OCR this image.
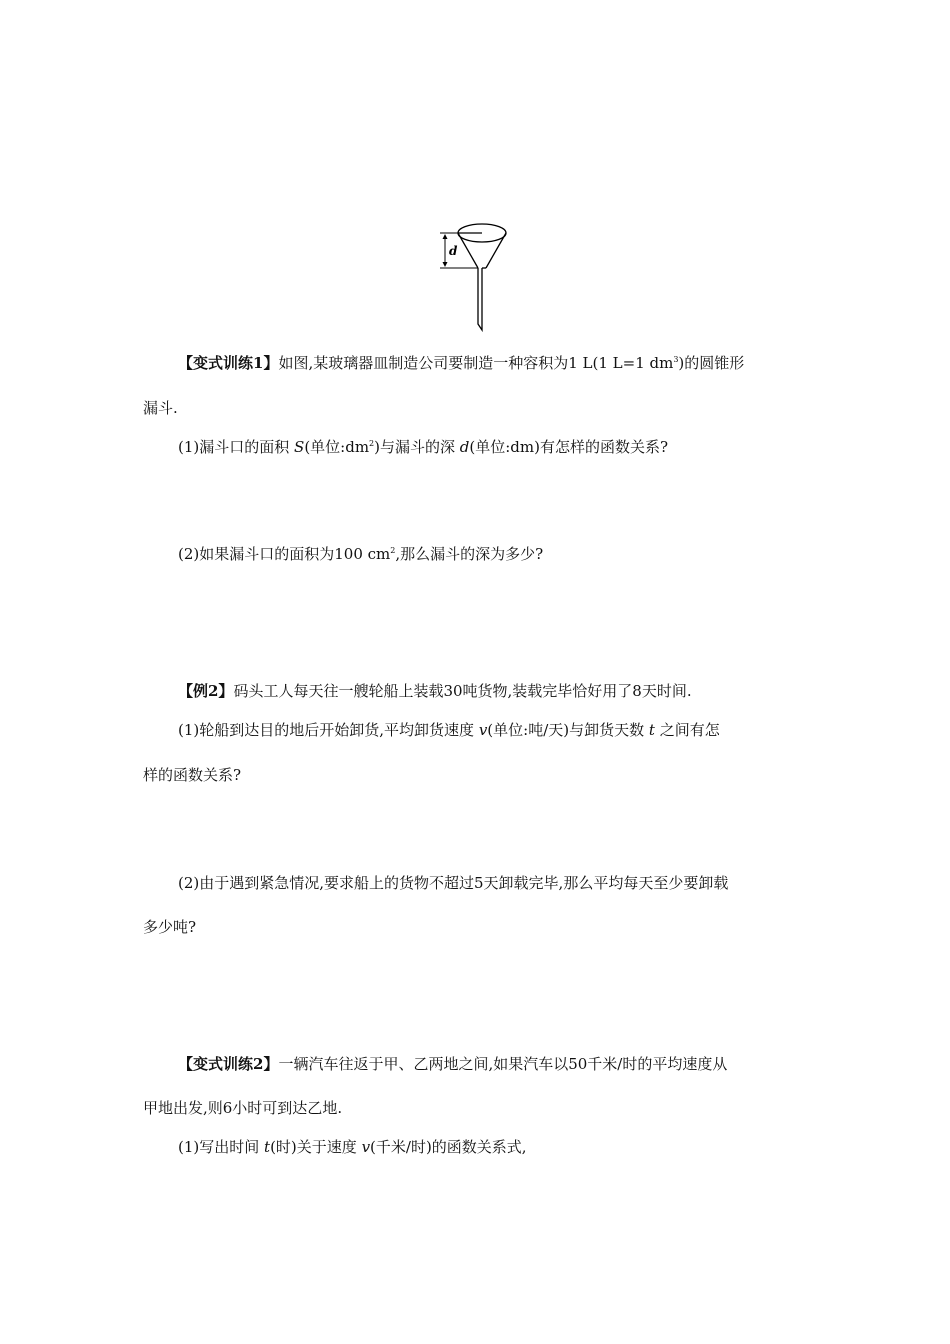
d
【变式训练1】如图,某玻璃器皿制造公司要制造一种容积为1 L(1 L=1 $dm^3$)的圆锥形
漏斗.
(1)漏斗口的面积 S(单位$:dm^2$)与漏斗的深 d(单位:dm)有怎样的函数关系?
(2)如果漏斗口的面积为100 $cm^2$,那么漏斗的深为多少?
【例2】码头工人每天往一艘轮船上装载30吨货物,装载完毕恰好用了8天时间.
(1)轮船到达目的地后开始卸货,平均卸货速度 v(单位:吨/天)与卸货天数 t 之间有怎
样的函数关系?
(2)由于遇到紧急情况,要求船上的货物不超过5天卸载完毕,那么平均每天至少要卸载
多少吨?
【变式训练2】一辆汽车往返于甲、乙两地之间,如果汽车以50千米/时的平均速度从
甲地出发,则6小时可到达乙地.
(1)写出时间 t(时)关于速度 v(千米/时)的函数关系式,
